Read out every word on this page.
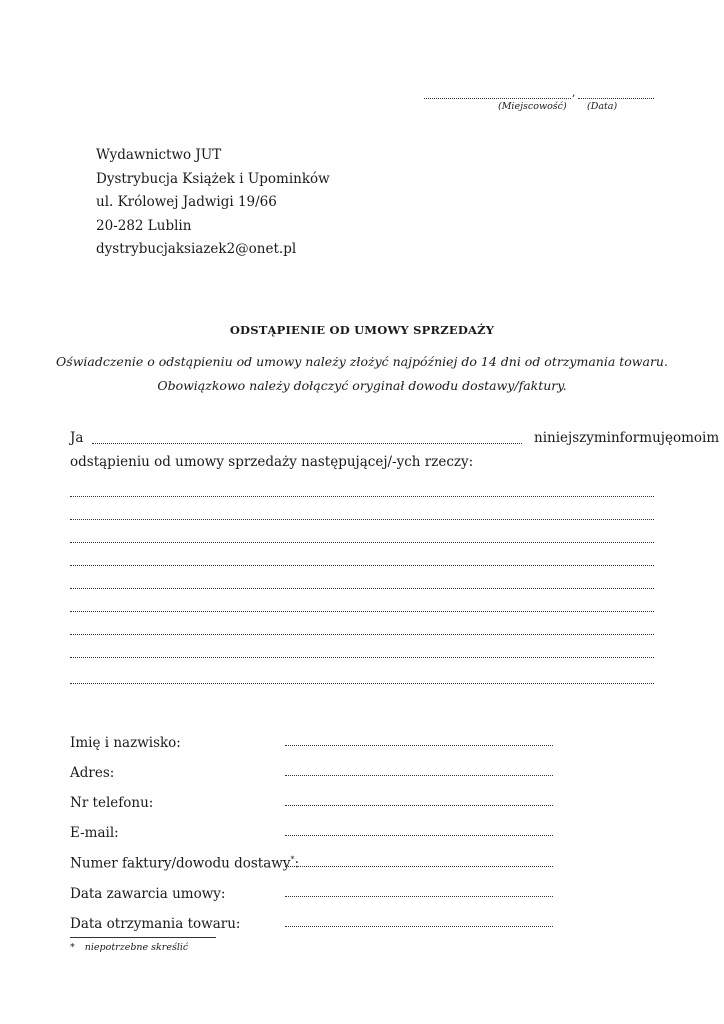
,
(Miejscowość) (Data)
Wydawnictwo JUT
Dystrybucja Książek i Upominków
ul. Królowej Jadwigi 19/66
20-282 Lublin
dystrybucjaksiazek2@onet.pl
ODSTĄPIENIE OD UMOWY SPRZEDAŻY
Oświadczenie o odstąpieniu od umowy należy złożyć najpóźniej do 14 dni od otrzymania towaru.
Obowiązkowo należy dołączyć oryginał dowodu dostawy/faktury.
Ja	niniejszym informuję o moim
odstąpieniu od umowy sprzedaży następującej/-ych rzeczy:
Imię i nazwisko:
Adres:
Nr telefonu:
E-mail:
Numer faktury/dowodu dostawy*:
Data zawarcia umowy:
Data otrzymania towaru:
* niepotrzebne skreślić
